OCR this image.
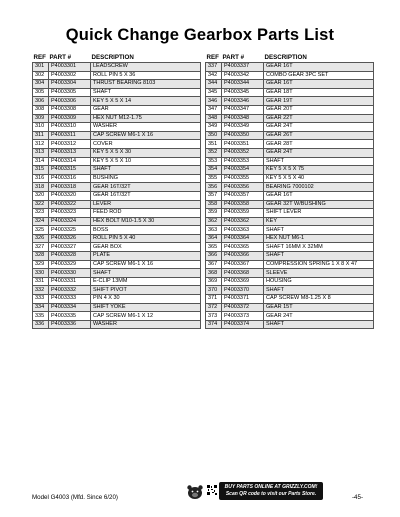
Quick Change Gearbox Parts List
REF	PART #	DESCRIPTION
301	P4003301	LEADSCREW
302	P4003302	ROLL PIN 5 X 36
304	P4003304	THRUST BEARING 8103
305	P4003305	SHAFT
306	P4003306	KEY 5 X 5 X 14
308	P4003308	GEAR
309	P4003309	HEX NUT M12-1.75
310	P4003310	WASHER
311	P4003311	CAP SCREW M6-1 X 16
312	P4003312	COVER
313	P4003313	KEY 5 X 5 X 30
314	P4003314	KEY 5 X 5 X 10
315	P4003315	SHAFT
316	P4003316	BUSHING
318	P4003318	GEAR 16T/32T
320	P4003320	GEAR 16T/32T
322	P4003322	LEVER
323	P4003323	FEED ROD
324	P4003324	HEX BOLT M10-1.5 X 30
325	P4003325	BOSS
326	P4003326	ROLL PIN 5 X 40
327	P4003327	GEAR BOX
328	P4003328	PLATE
329	P4003329	CAP SCREW M6-1 X 16
330	P4003330	SHAFT
331	P4003331	E-CLIP 13MM
332	P4003332	SHIFT PIVOT
333	P4003333	PIN 4 X 30
334	P4003334	SHIFT YOKE
335	P4003335	CAP SCREW M6-1 X 12
336	P4003336	WASHER
REF	PART #	DESCRIPTION
337	P4003337	GEAR 16T
342	P4003342	COMBO GEAR 3PC SET
344	P4003344	GEAR 16T
345	P4003345	GEAR 18T
346	P4003346	GEAR 19T
347	P4003347	GEAR 20T
348	P4003348	GEAR 22T
349	P4003349	GEAR 24T
350	P4003350	GEAR 26T
351	P4003351	GEAR 28T
352	P4003352	GEAR 24T
353	P4003353	SHAFT
354	P4003354	KEY 5 X 5 X 75
355	P4003355	KEY 5 X 5 X 40
356	P4003356	BEARING 7000102
357	P4003357	GEAR 16T
358	P4003358	GEAR 32T W/BUSHING
359	P4003359	SHIFT LEVER
362	P4003362	KEY
363	P4003363	SHAFT
364	P4003364	HEX NUT M6-1
365	P4003365	SHAFT 16MM X 32MM
366	P4003366	SHAFT
367	P4003367	COMPRESSION SPRING 1 X 8 X 47
368	P4003368	SLEEVE
369	P4003369	HOUSING
370	P4003370	SHAFT
371	P4003371	CAP SCREW M8-1.25 X 8
372	P4003372	GEAR 15T
373	P4003373	GEAR 24T
374	P4003374	SHAFT
Model G4003 (Mfd. Since 6/20)
BUY PARTS ONLINE AT GRIZZLY.COM!
Scan QR code to visit our Parts Store.	-45-
